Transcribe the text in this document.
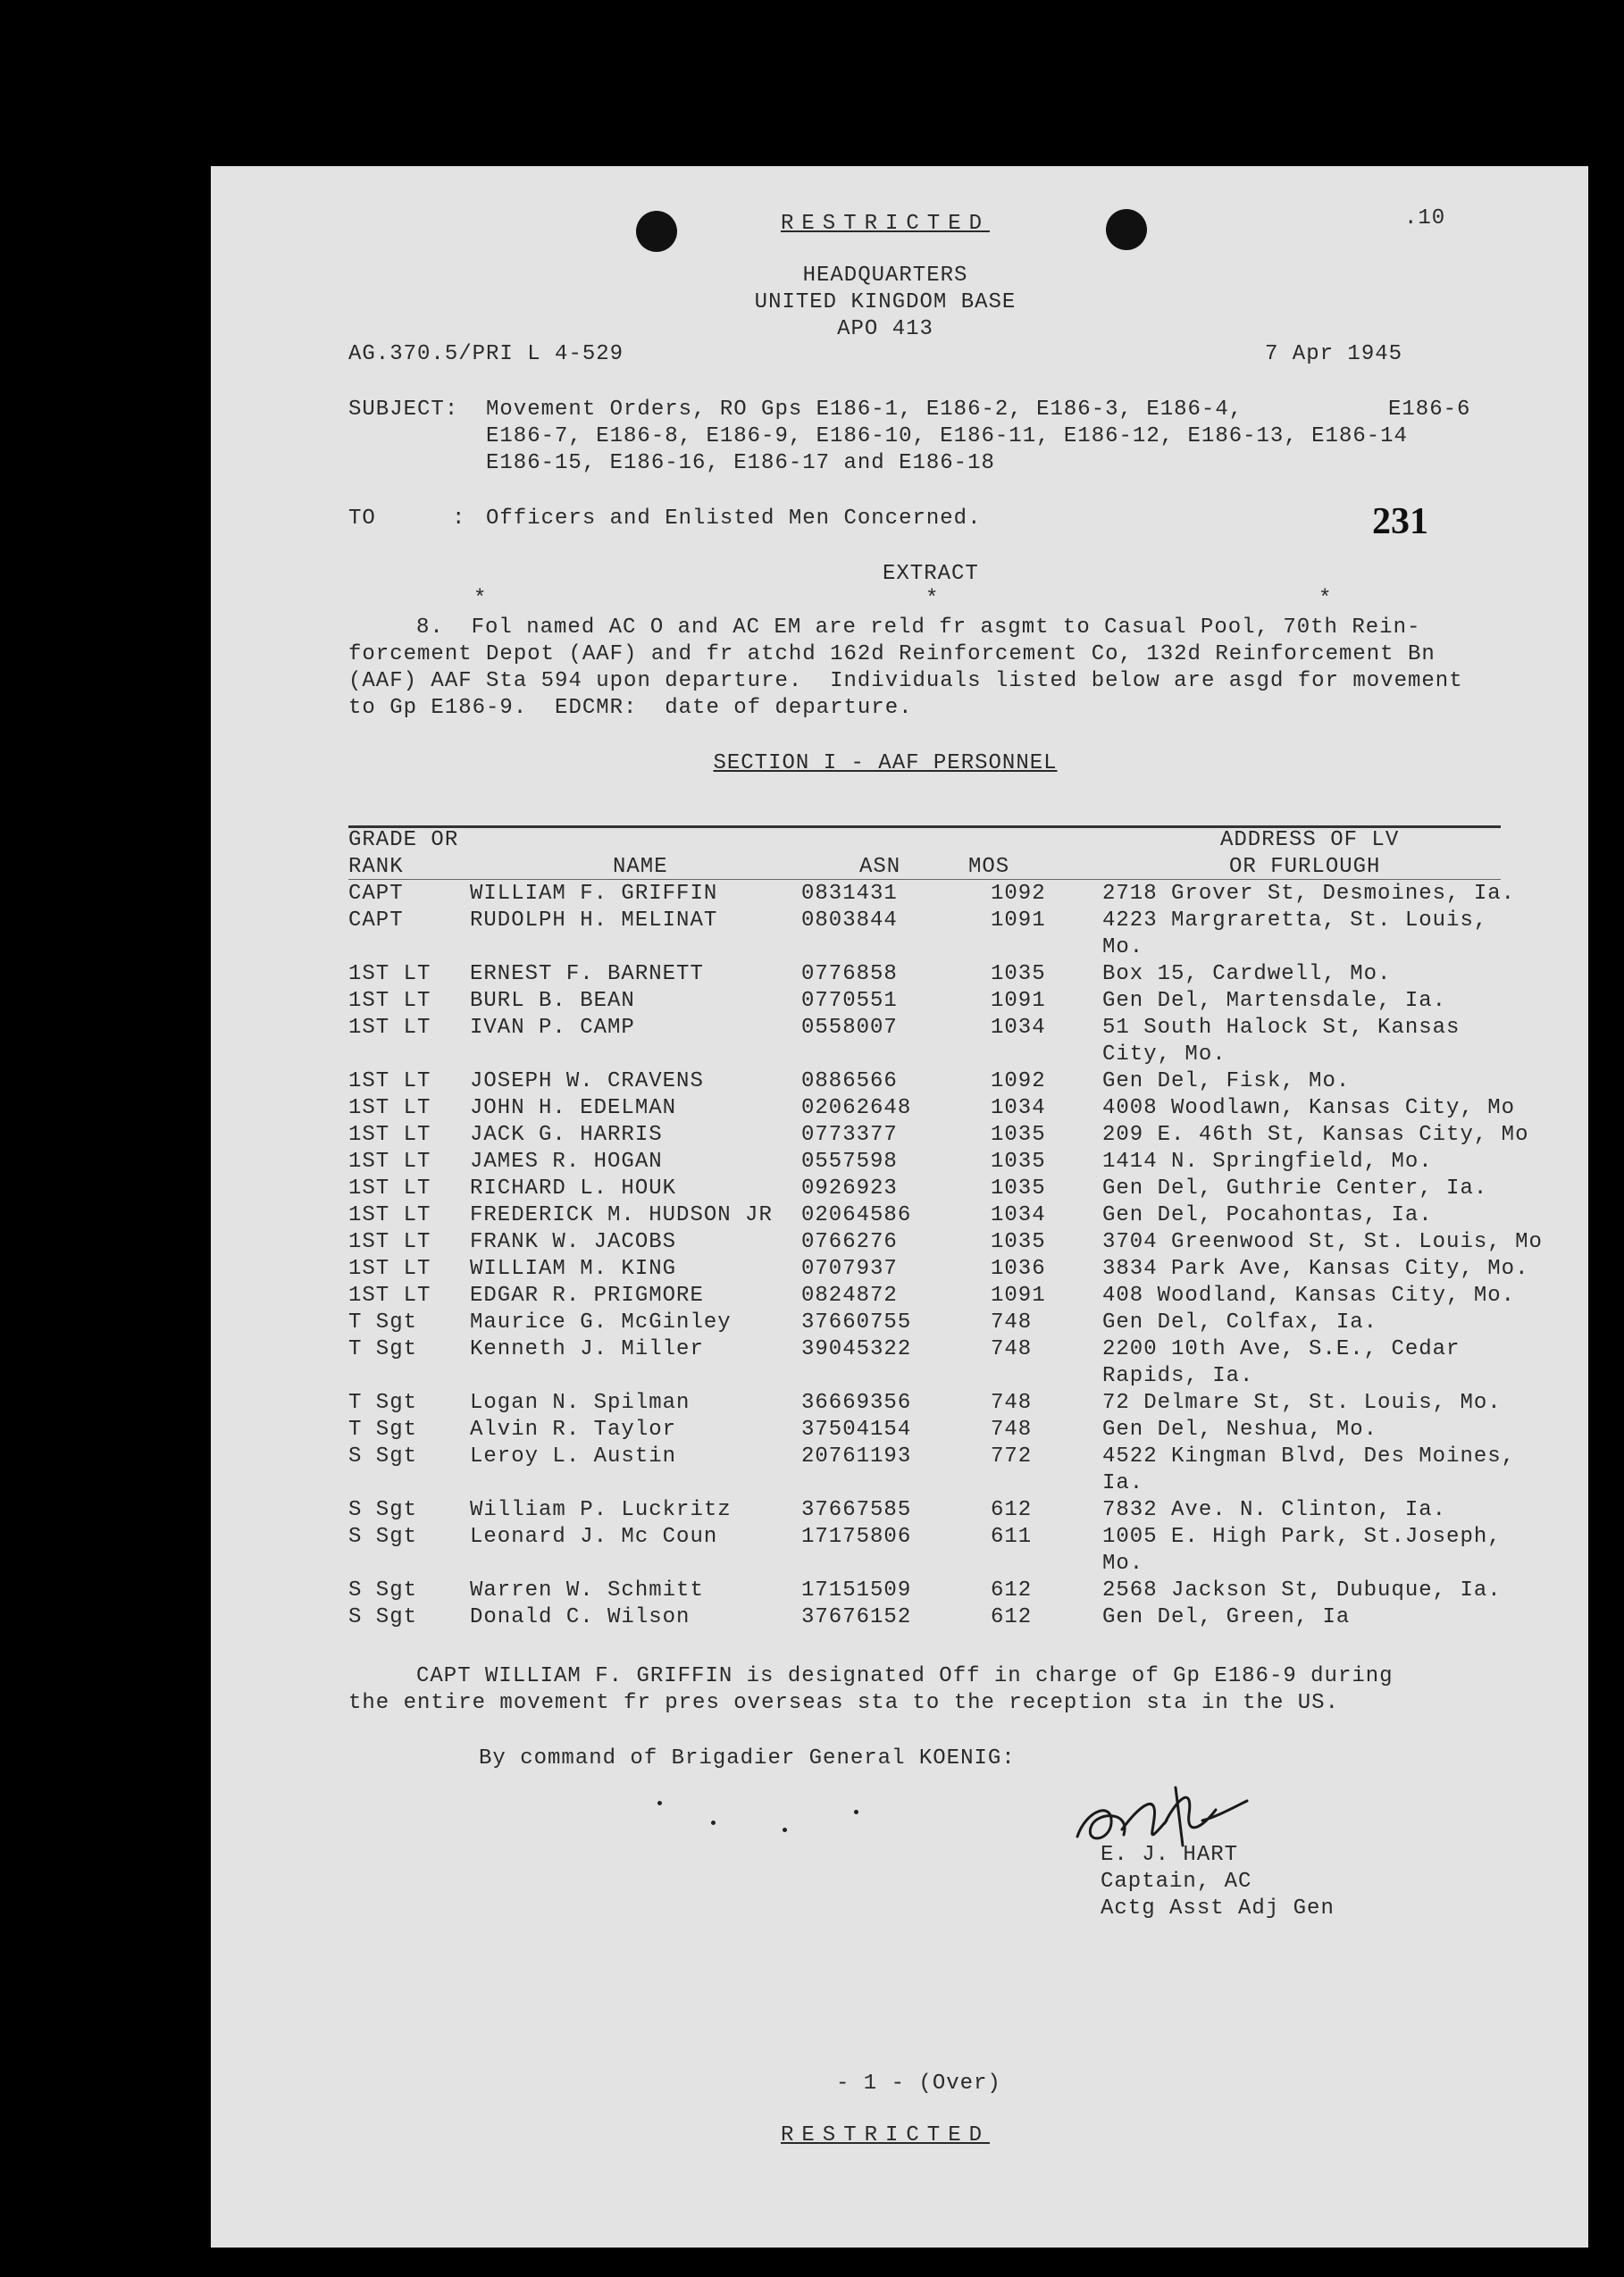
RESTRICTED	.10
HEADQUARTERS
UNITED KINGDOM BASE
APO 413
AG.370.5/PRI L 4-529	7 Apr 1945
SUBJECT: Movement Orders, RO Gps E186-1, E186-2, E186-3, E186-4,	E186-6
E186-7, E186-8, E186-9, E186-10, E186-11, E186-12, E186-13, E186-14
E186-15, E186-16, E186-17 and E186-18
TO	: Officers and Enlisted Men Concerned.	231
EXTRACT
*	*	*
8.  Fol named AC O and AC EM are reld fr asgmt to Casual Pool, 70th Rein-
forcement Depot (AAF) and fr atchd 162d Reinforcement Co, 132d Reinforcement Bn
(AAF) AAF Sta 594 upon departure.  Individuals listed below are asgd for movement
to Gp E186-9.  EDCMR:  date of departure.
SECTION I - AAF PERSONNEL
GRADE OR	ADDRESS OF LV
RANK	NAME	ASN	MOS	OR FURLOUGH
CAPT WILLIAM F. GRIFFIN is designated Off in charge of Gp E186-9 during
the entire movement fr pres overseas sta to the reception sta in the US.
By command of Brigadier General KOENIG:
E. J. HART
Captain, AC
Actg Asst Adj Gen
- 1 - (Over)
RESTRICTED
CAPT	WILLIAM F. GRIFFIN	0831431	1092	2718 Grover St, Desmoines, Ia.
CAPT	RUDOLPH H. MELINAT	0803844	1091	4223 Margraretta, St. Louis,
Mo.
1ST LT ERNEST F. BARNETT	0776858	1035	Box 15, Cardwell, Mo.
1ST LT BURL B. BEAN	0770551	1091	Gen Del, Martensdale, Ia.
1ST LT IVAN P. CAMP	0558007	1034	51 South Halock St, Kansas
City, Mo.
1ST LT JOSEPH W. CRAVENS	0886566	1092	Gen Del, Fisk, Mo.
1ST LT JOHN H. EDELMAN	02062648	1034	4008 Woodlawn, Kansas City, Mo
1ST LT JACK G. HARRIS	0773377	1035	209 E. 46th St, Kansas City, Mo
1ST LT JAMES R. HOGAN	0557598	1035	1414 N. Springfield, Mo.
1ST LT RICHARD L. HOUK	0926923	1035	Gen Del, Guthrie Center, Ia.
1ST LT FREDERICK M. HUDSON JR 02064586	1034	Gen Del, Pocahontas, Ia.
1ST LT FRANK W. JACOBS	0766276	1035	3704 Greenwood St, St. Louis, Mo
1ST LT WILLIAM M. KING	0707937	1036	3834 Park Ave, Kansas City, Mo.
1ST LT EDGAR R. PRIGMORE	0824872	1091	408 Woodland, Kansas City, Mo.
T Sgt Maurice G. McGinley	37660755	748	Gen Del, Colfax, Ia.
T Sgt Kenneth J. Miller	39045322	748	2200 10th Ave, S.E., Cedar
Rapids, Ia.
T Sgt Logan N. Spilman	36669356	748	72 Delmare St, St. Louis, Mo.
T Sgt Alvin R. Taylor	37504154	748	Gen Del, Neshua, Mo.
S Sgt Leroy L. Austin	20761193	772	4522 Kingman Blvd, Des Moines,
Ia.
S Sgt William P. Luckritz	37667585	612	7832 Ave. N. Clinton, Ia.
S Sgt Leonard J. Mc Coun	17175806	611	1005 E. High Park, St.Joseph,
Mo.
S Sgt Warren W. Schmitt	17151509	612	2568 Jackson St, Dubuque, Ia.
S Sgt Donald C. Wilson	37676152	612	Gen Del, Green, Ia
